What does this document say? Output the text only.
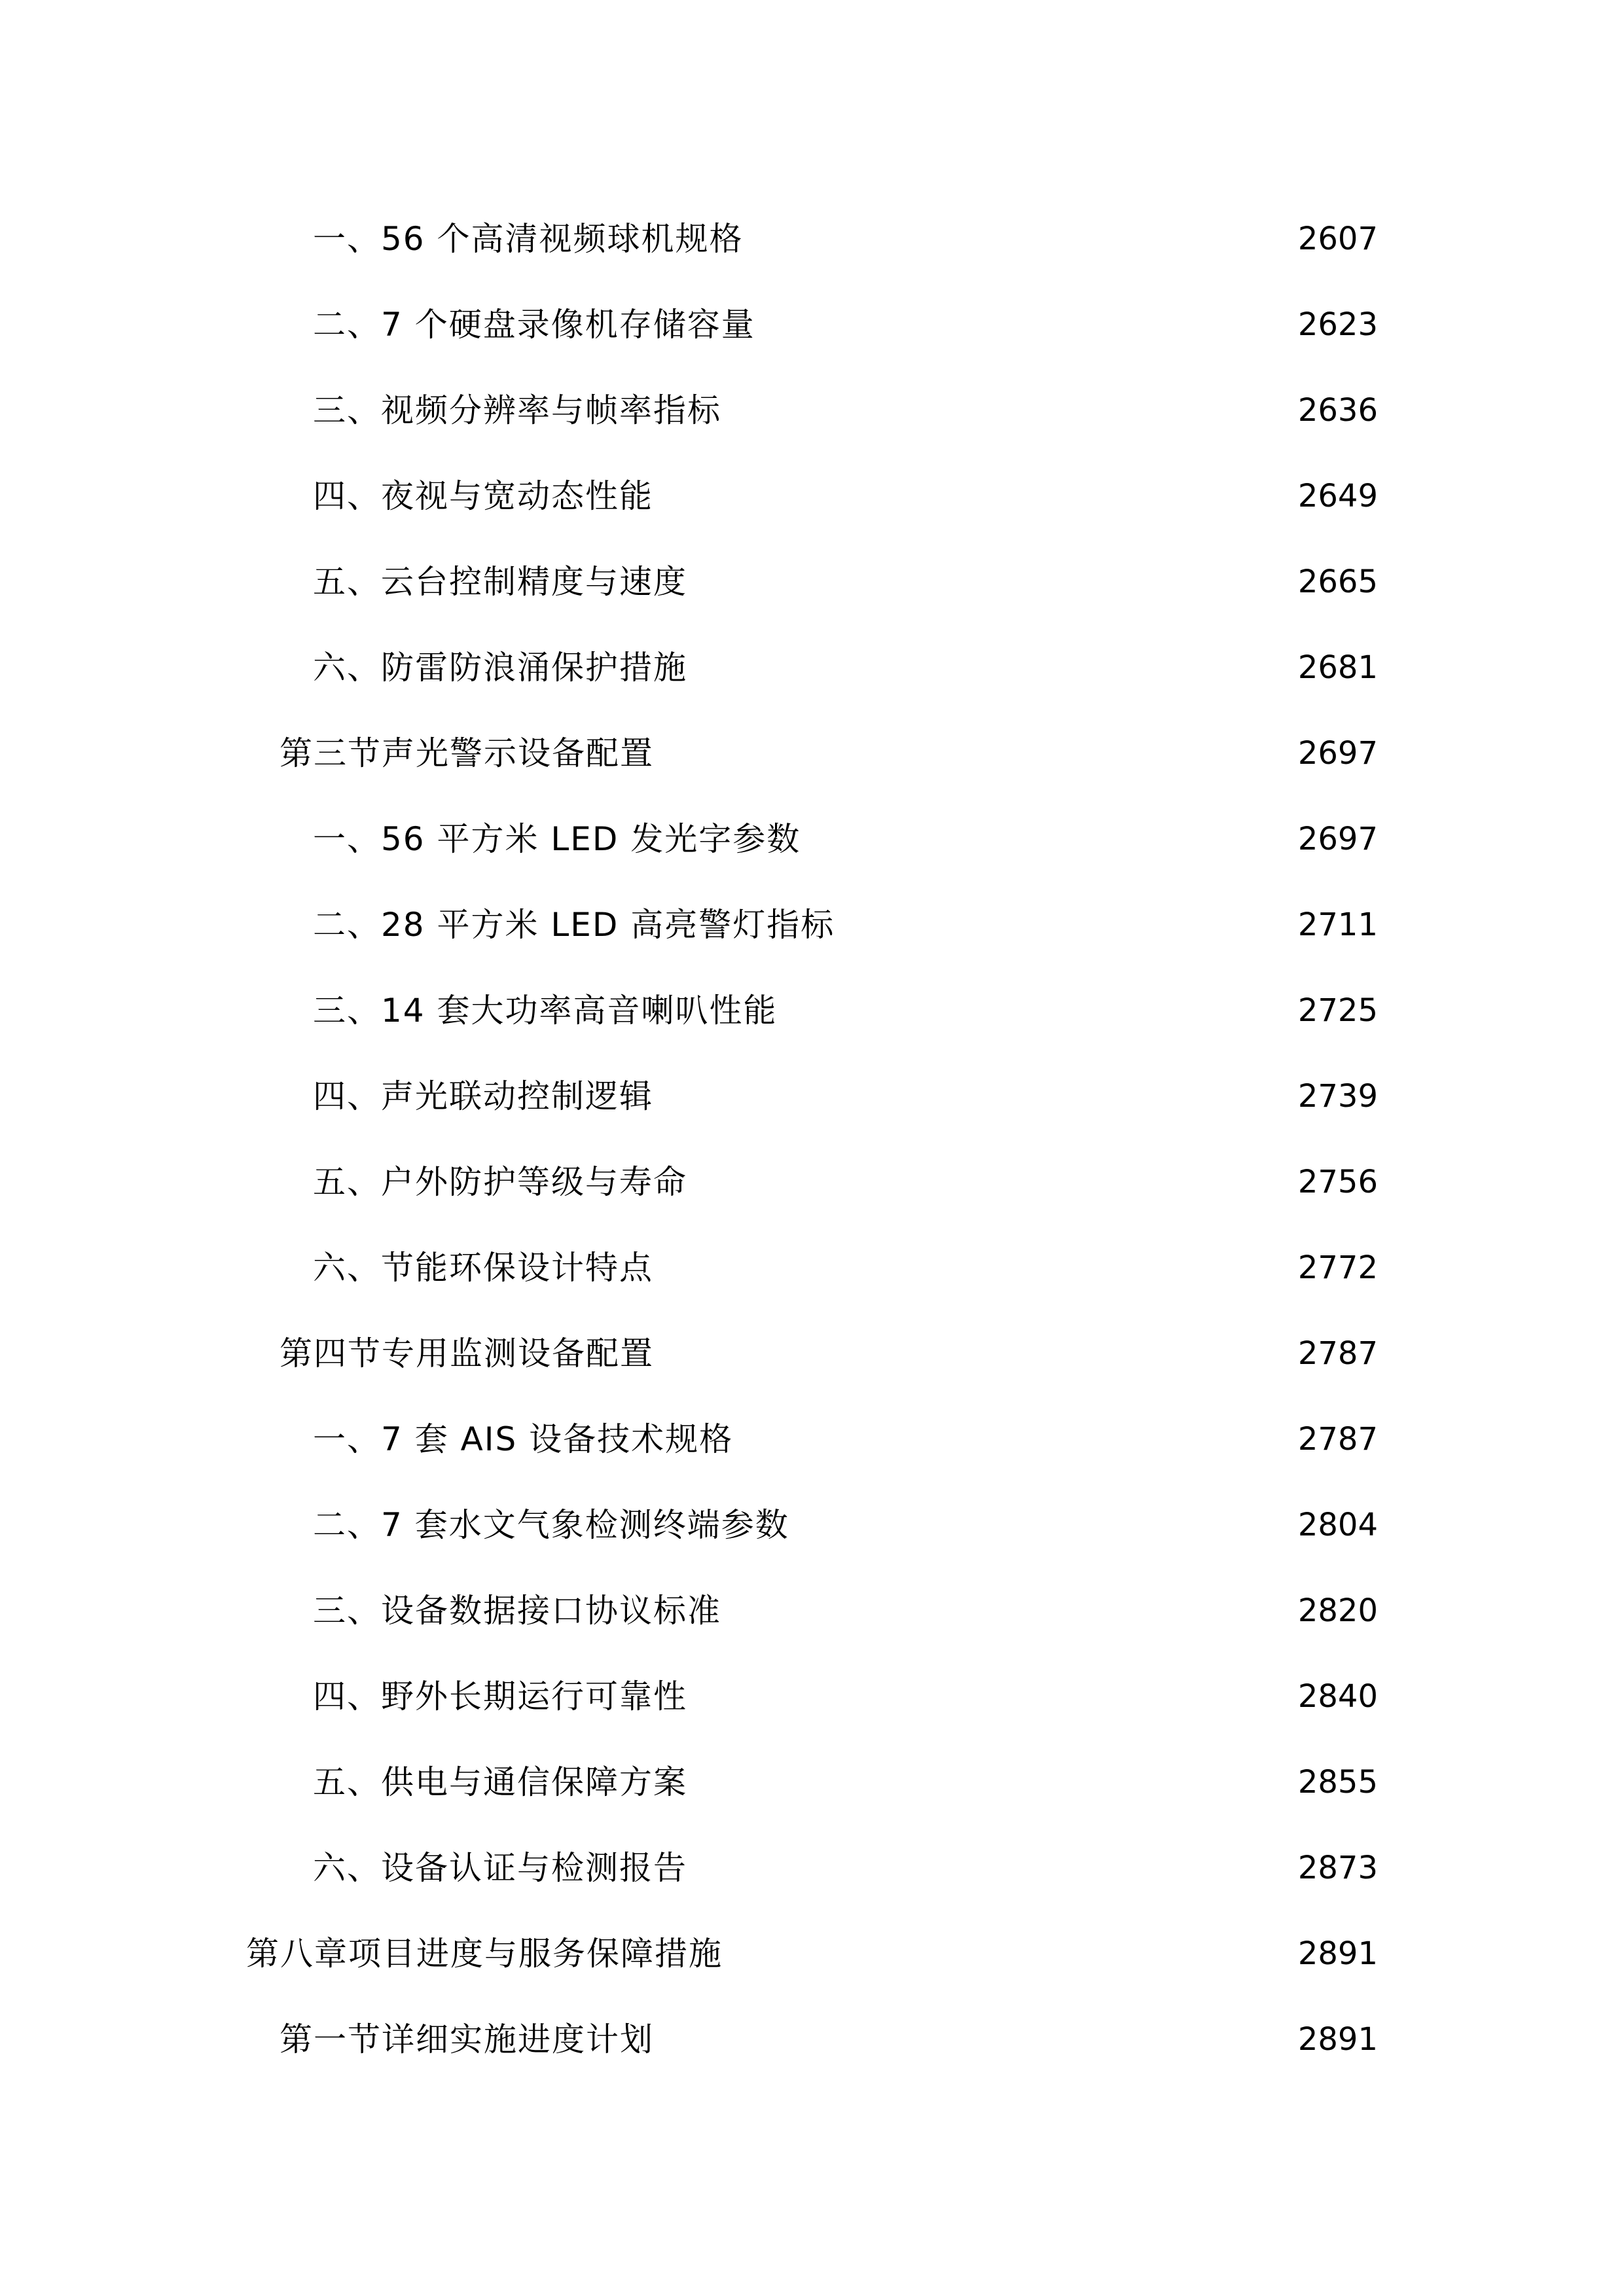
一、56 个高清视频球机规格	2607
二、7 个硬盘录像机存储容量	2623
三、视频分辨率与帧率指标	2636
四、夜视与宽动态性能	2649
五、云台控制精度与速度	2665
六、防雷防浪涌保护措施	2681
第三节声光警示设备配置	2697
一、56 平方米 LED 发光字参数	2697
二、28 平方米 LED 高亮警灯指标	2711
三、14 套大功率高音喇叭性能	2725
四、声光联动控制逻辑	2739
五、户外防护等级与寿命	2756
六、节能环保设计特点	2772
第四节专用监测设备配置	2787
一、7 套 AIS 设备技术规格	2787
二、7 套水文气象检测终端参数	2804
三、设备数据接口协议标准	2820
四、野外长期运行可靠性	2840
五、供电与通信保障方案	2855
六、设备认证与检测报告	2873
第八章项目进度与服务保障措施	2891
第一节详细实施进度计划	2891
